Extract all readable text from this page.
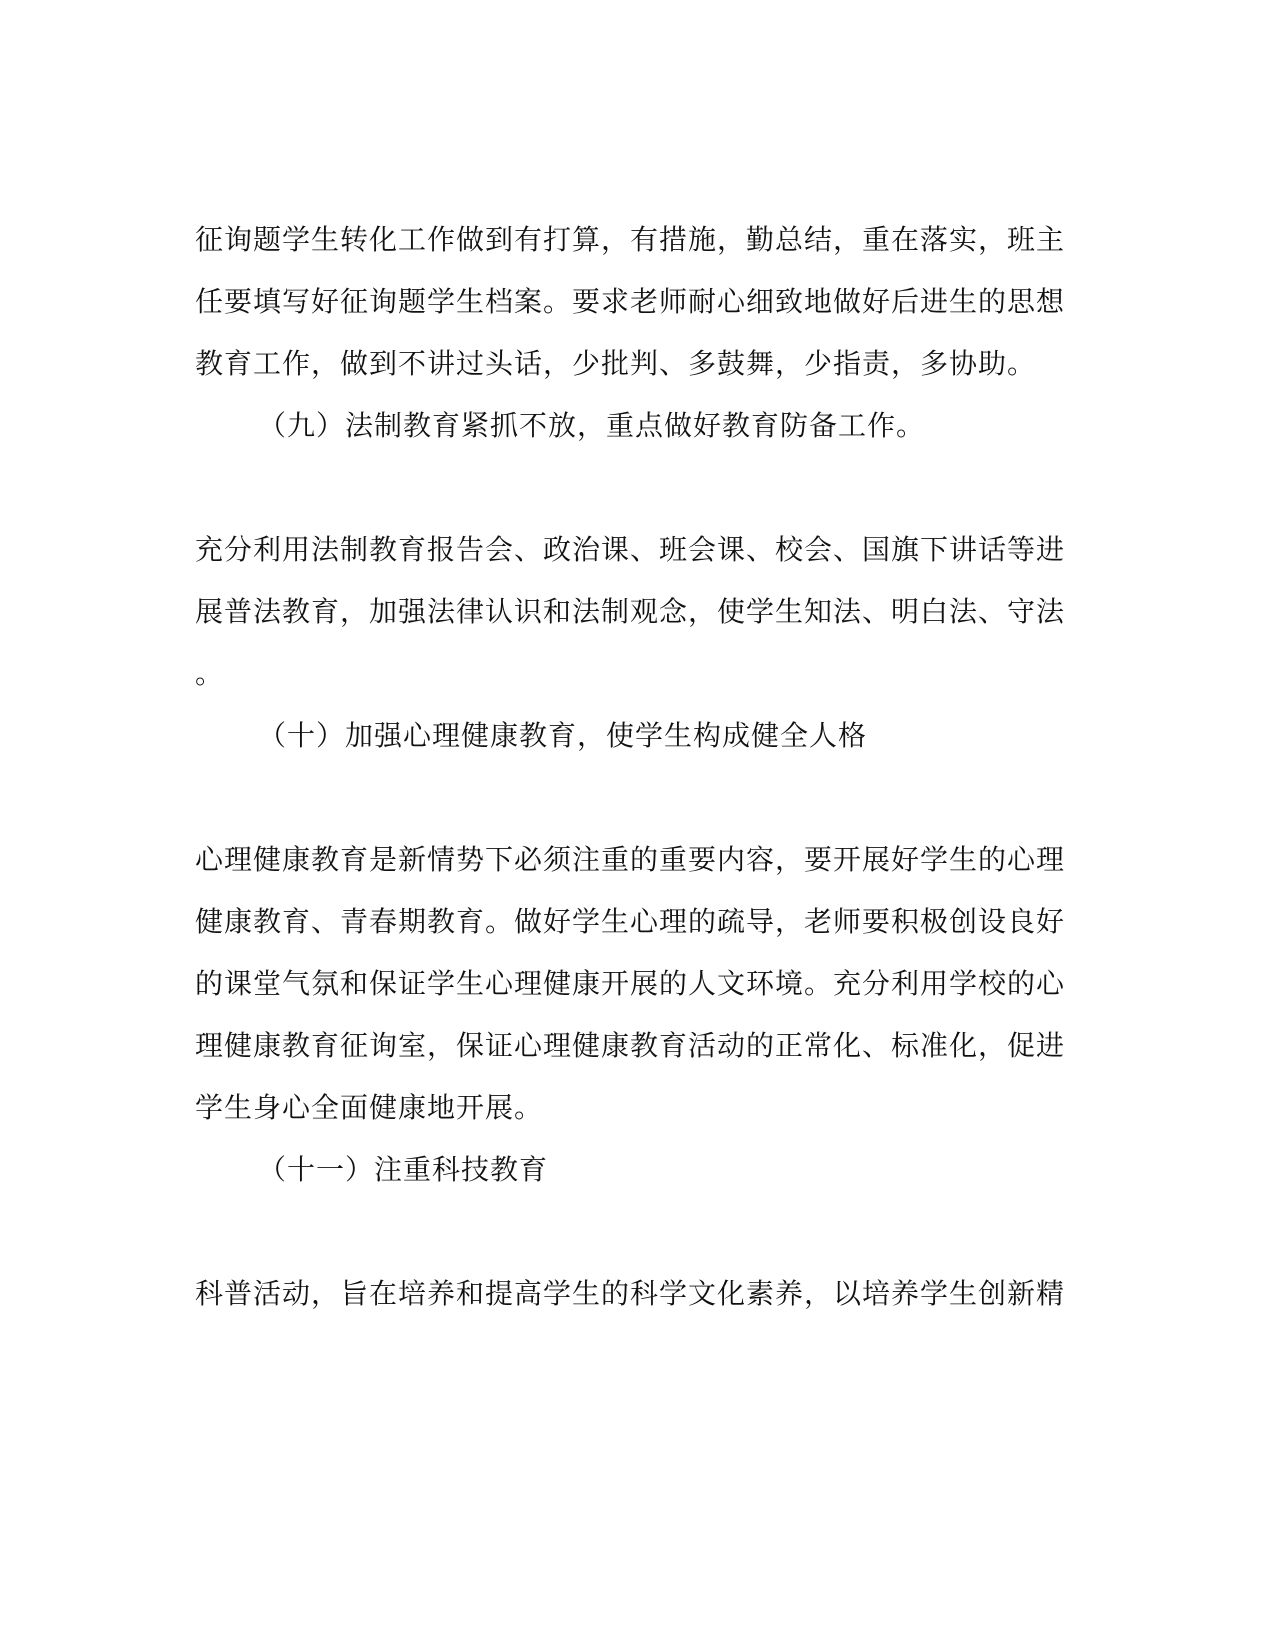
征询题学生转化工作做到有打算，有措施，勤总结，重在落实，班主
任要填写好征询题学生档案。要求老师耐心细致地做好后进生的思想
教育工作，做到不讲过头话，少批判、多鼓舞，少指责，多协助。
（九）法制教育紧抓不放，重点做好教育防备工作。
充分利用法制教育报告会、政治课、班会课、校会、国旗下讲话等进
展普法教育，加强法律认识和法制观念，使学生知法、明白法、守法
。
（十）加强心理健康教育，使学生构成健全人格
心理健康教育是新情势下必须注重的重要内容，要开展好学生的心理
健康教育、青春期教育。做好学生心理的疏导，老师要积极创设良好
的课堂气氛和保证学生心理健康开展的人文环境。充分利用学校的心
理健康教育征询室，保证心理健康教育活动的正常化、标准化，促进
学生身心全面健康地开展。
（十一）注重科技教育
科普活动，旨在培养和提高学生的科学文化素养，以培养学生创新精
